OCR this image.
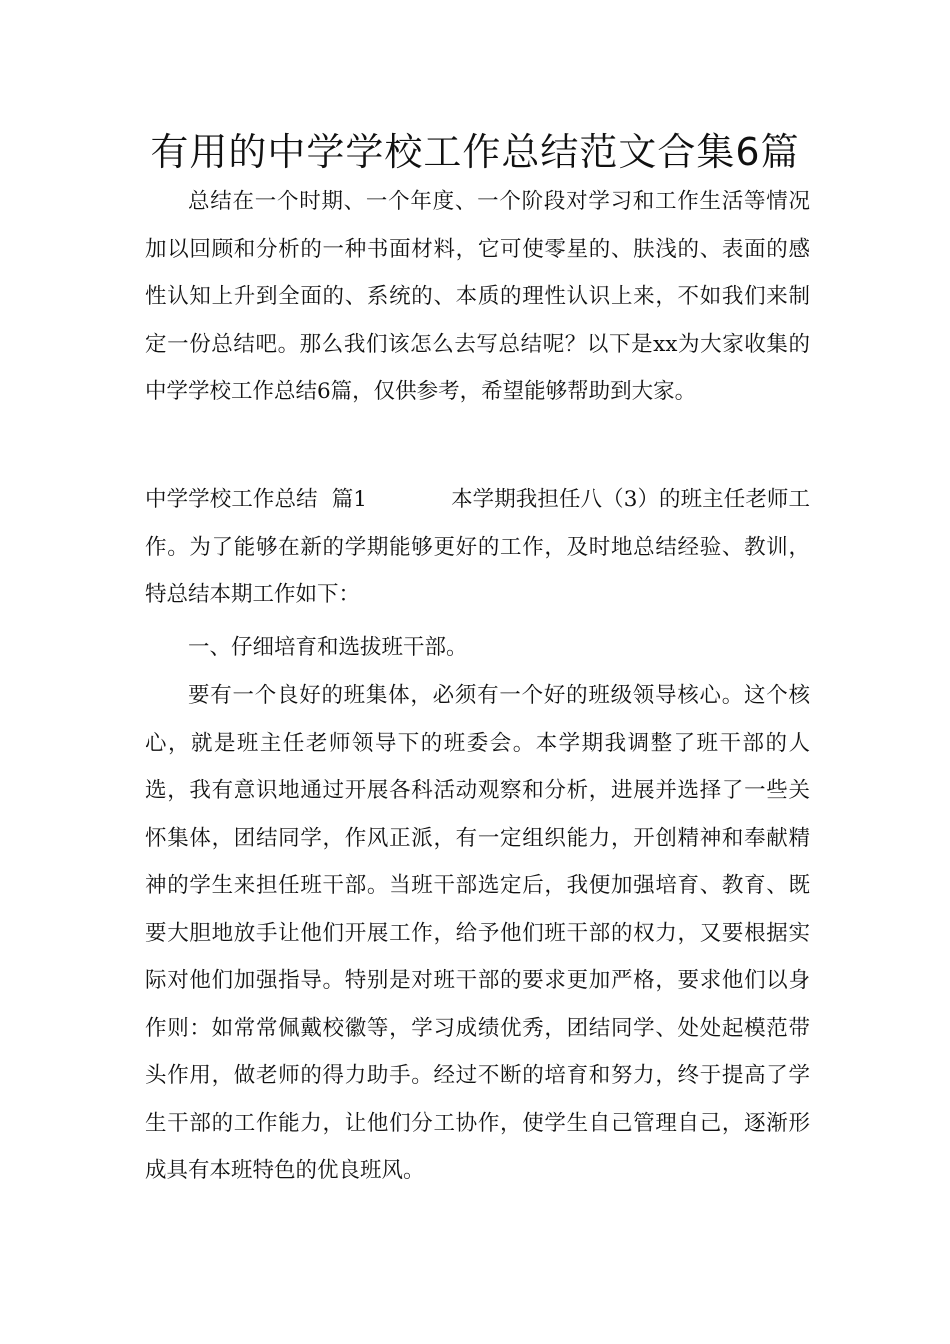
有用的中学学校工作总结范文合集6篇

总结在一个时期、一个年度、一个阶段对学习和工作生活等情况加以回顾和分析的一种书面材料，它可使零星的、肤浅的、表面的感性认知上升到全面的、系统的、本质的理性认识上来，不如我们来制定一份总结吧。那么我们该怎么去写总结呢？以下是xx为大家收集的中学学校工作总结6篇，仅供参考，希望能够帮助到大家。

中学学校工作总结 篇1	本学期我担任八（3）的班主任老师工作。为了能够在新的学期能够更好的工作，及时地总结经验、教训，特总结本期工作如下：

一、仔细培育和选拔班干部。

要有一个良好的班集体，必须有一个好的班级领导核心。这个核心，就是班主任老师领导下的班委会。本学期我调整了班干部的人选，我有意识地通过开展各科活动观察和分析，进展并选择了一些关怀集体，团结同学，作风正派，有一定组织能力，开创精神和奉献精神的学生来担任班干部。当班干部选定后，我便加强培育、教育、既要大胆地放手让他们开展工作，给予他们班干部的权力，又要根据实际对他们加强指导。特别是对班干部的要求更加严格，要求他们以身作则：如常常佩戴校徽等，学习成绩优秀，团结同学、处处起模范带头作用，做老师的得力助手。经过不断的培育和努力，终于提高了学生干部的工作能力，让他们分工协作，使学生自己管理自己，逐渐形成具有本班特色的优良班风。
